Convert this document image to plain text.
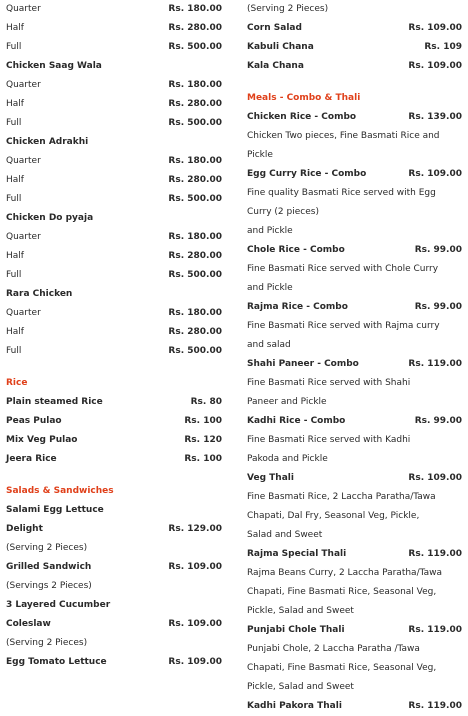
Quarter	Rs. 180.00
Half	Rs. 280.00
Full	Rs. 500.00
Chicken Saag Wala
Quarter	Rs. 180.00
Half	Rs. 280.00
Full	Rs. 500.00
Chicken Adrakhi
Quarter	Rs. 180.00
Half	Rs. 280.00
Full	Rs. 500.00
Chicken Do pyaja
Quarter	Rs. 180.00
Half	Rs. 280.00
Full	Rs. 500.00
Rara Chicken
Quarter	Rs. 180.00
Half	Rs. 280.00
Full	Rs. 500.00
Rice
Plain steamed Rice	Rs. 80
Peas Pulao	Rs. 100
Mix Veg Pulao	Rs. 120
Jeera Rice	Rs. 100
Salads & Sandwiches
Salami Egg Lettuce
Delight	Rs. 129.00
(Serving 2 Pieces)
Grilled Sandwich	Rs. 109.00
(Servings 2 Pieces)
3 Layered Cucumber
Coleslaw	Rs. 109.00
(Serving 2 Pieces)
Egg Tomato Lettuce	Rs. 109.00
(Serving 2 Pieces)
Corn Salad	Rs. 109.00
Kabuli Chana	Rs. 109
Kala Chana	Rs. 109.00
Meals - Combo & Thali
Chicken Rice - Combo	Rs. 139.00
Chicken Two pieces, Fine Basmati Rice and
Pickle
Egg Curry Rice - Combo	Rs. 109.00
Fine quality Basmati Rice served with Egg
Curry (2 pieces)
and Pickle
Chole Rice - Combo	Rs. 99.00
Fine Basmati Rice served with Chole Curry
and Pickle
Rajma Rice - Combo	Rs. 99.00
Fine Basmati Rice served with Rajma curry
and salad
Shahi Paneer - Combo	Rs. 119.00
Fine Basmati Rice served with Shahi
Paneer and Pickle
Kadhi Rice - Combo	Rs. 99.00
Fine Basmati Rice served with Kadhi
Pakoda and Pickle
Veg Thali	Rs. 109.00
Fine Basmati Rice, 2 Laccha Paratha/Tawa
Chapati, Dal Fry, Seasonal Veg, Pickle,
Salad and Sweet
Rajma Special Thali	Rs. 119.00
Rajma Beans Curry, 2 Laccha Paratha/Tawa
Chapati, Fine Basmati Rice, Seasonal Veg,
Pickle, Salad and Sweet
Punjabi Chole Thali	Rs. 119.00
Punjabi Chole, 2 Laccha Paratha /Tawa
Chapati, Fine Basmati Rice, Seasonal Veg,
Pickle, Salad and Sweet
Kadhi Pakora Thali	Rs. 119.00
